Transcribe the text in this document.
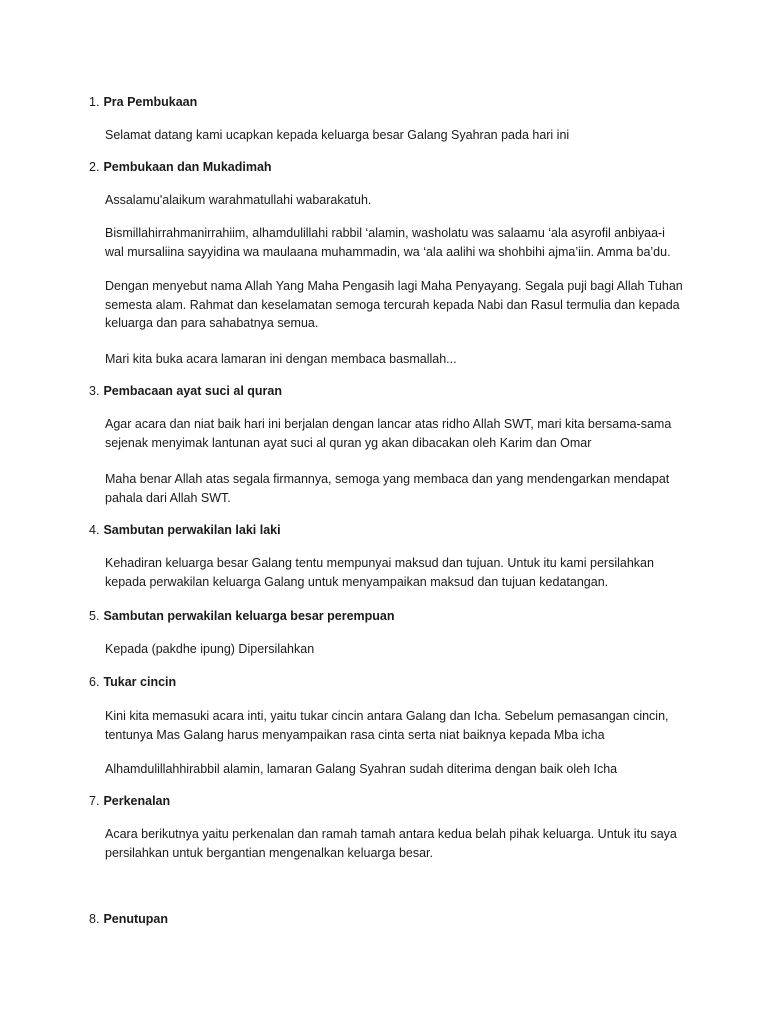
1. Pra Pembukaan

Selamat datang kami ucapkan kepada keluarga besar Galang Syahran pada hari ini

2. Pembukaan dan Mukadimah

Assalamu'alaikum warahmatullahi wabarakatuh.

Bismillahirrahmanirrahiim, alhamdulillahi rabbil ‘alamin, washolatu was salaamu ‘ala asyrofil anbiyaa-i wal mursaliina sayyidina wa maulaana muhammadin, wa ‘ala aalihi wa shohbihi ajma’iin. Amma ba’du.

Dengan menyebut nama Allah Yang Maha Pengasih lagi Maha Penyayang. Segala puji bagi Allah Tuhan semesta alam. Rahmat dan keselamatan semoga tercurah kepada Nabi dan Rasul termulia dan kepada keluarga dan para sahabatnya semua.

Mari kita buka acara lamaran ini dengan membaca basmallah...

3. Pembacaan ayat suci al quran

Agar acara dan niat baik hari ini berjalan dengan lancar atas ridho Allah SWT, mari kita bersama-sama sejenak menyimak lantunan ayat suci al quran yg akan dibacakan oleh Karim dan Omar

Maha benar Allah atas segala firmannya, semoga yang membaca dan yang mendengarkan mendapat pahala dari Allah SWT.

4. Sambutan perwakilan laki laki

Kehadiran keluarga besar Galang tentu mempunyai maksud dan tujuan. Untuk itu kami persilahkan kepada perwakilan keluarga Galang untuk menyampaikan maksud dan tujuan kedatangan.

5. Sambutan perwakilan keluarga besar perempuan

Kepada (pakdhe ipung) Dipersilahkan

6. Tukar cincin

Kini kita memasuki acara inti, yaitu tukar cincin antara Galang dan Icha. Sebelum pemasangan cincin, tentunya Mas Galang harus menyampaikan rasa cinta serta niat baiknya kepada Mba icha

Alhamdulillahhirabbil alamin, lamaran Galang Syahran sudah diterima dengan baik oleh Icha

7. Perkenalan

Acara berikutnya yaitu perkenalan dan ramah tamah antara kedua belah pihak keluarga. Untuk itu saya persilahkan untuk bergantian mengenalkan keluarga besar.

8. Penutupan
